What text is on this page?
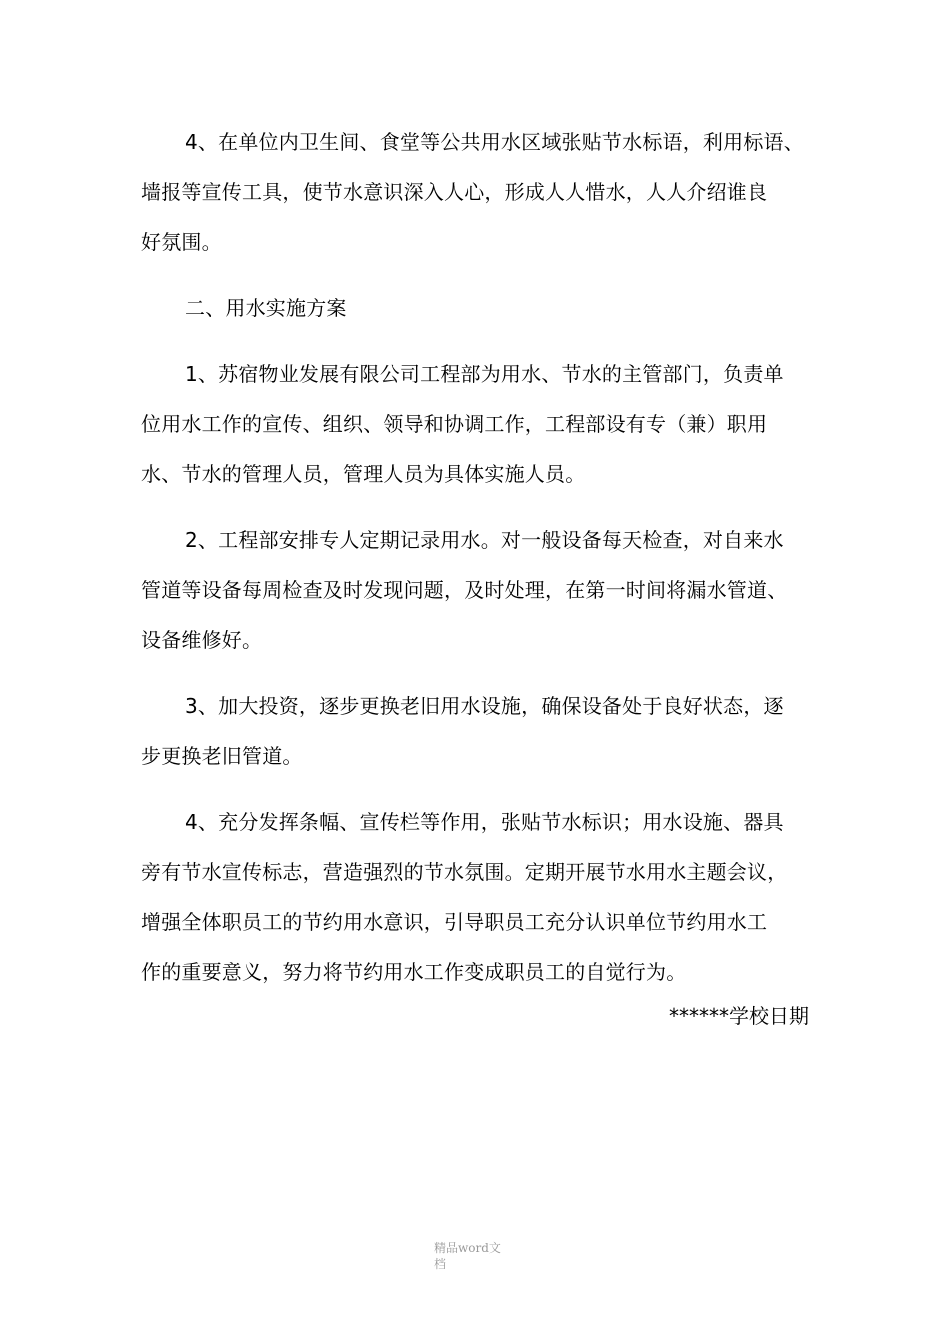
4、在单位内卫生间、食堂等公共用水区域张贴节水标语，利用标语、
墙报等宣传工具，使节水意识深入人心，形成人人惜水，人人介绍谁良
好氛围。
二、用水实施方案
1、苏宿物业发展有限公司工程部为用水、节水的主管部门，负责单
位用水工作的宣传、组织、领导和协调工作，工程部设有专（兼）职用
水、节水的管理人员，管理人员为具体实施人员。
2、工程部安排专人定期记录用水。对一般设备每天检查，对自来水
管道等设备每周检查及时发现问题，及时处理，在第一时间将漏水管道、
设备维修好。
3、加大投资，逐步更换老旧用水设施，确保设备处于良好状态，逐
步更换老旧管道。
4、充分发挥条幅、宣传栏等作用，张贴节水标识；用水设施、器具
旁有节水宣传标志，营造强烈的节水氛围。定期开展节水用水主题会议，
增强全体职员工的节约用水意识，引导职员工充分认识单位节约用水工
作的重要意义，努力将节约用水工作变成职员工的自觉行为。
******学校日期
精品word文
档
